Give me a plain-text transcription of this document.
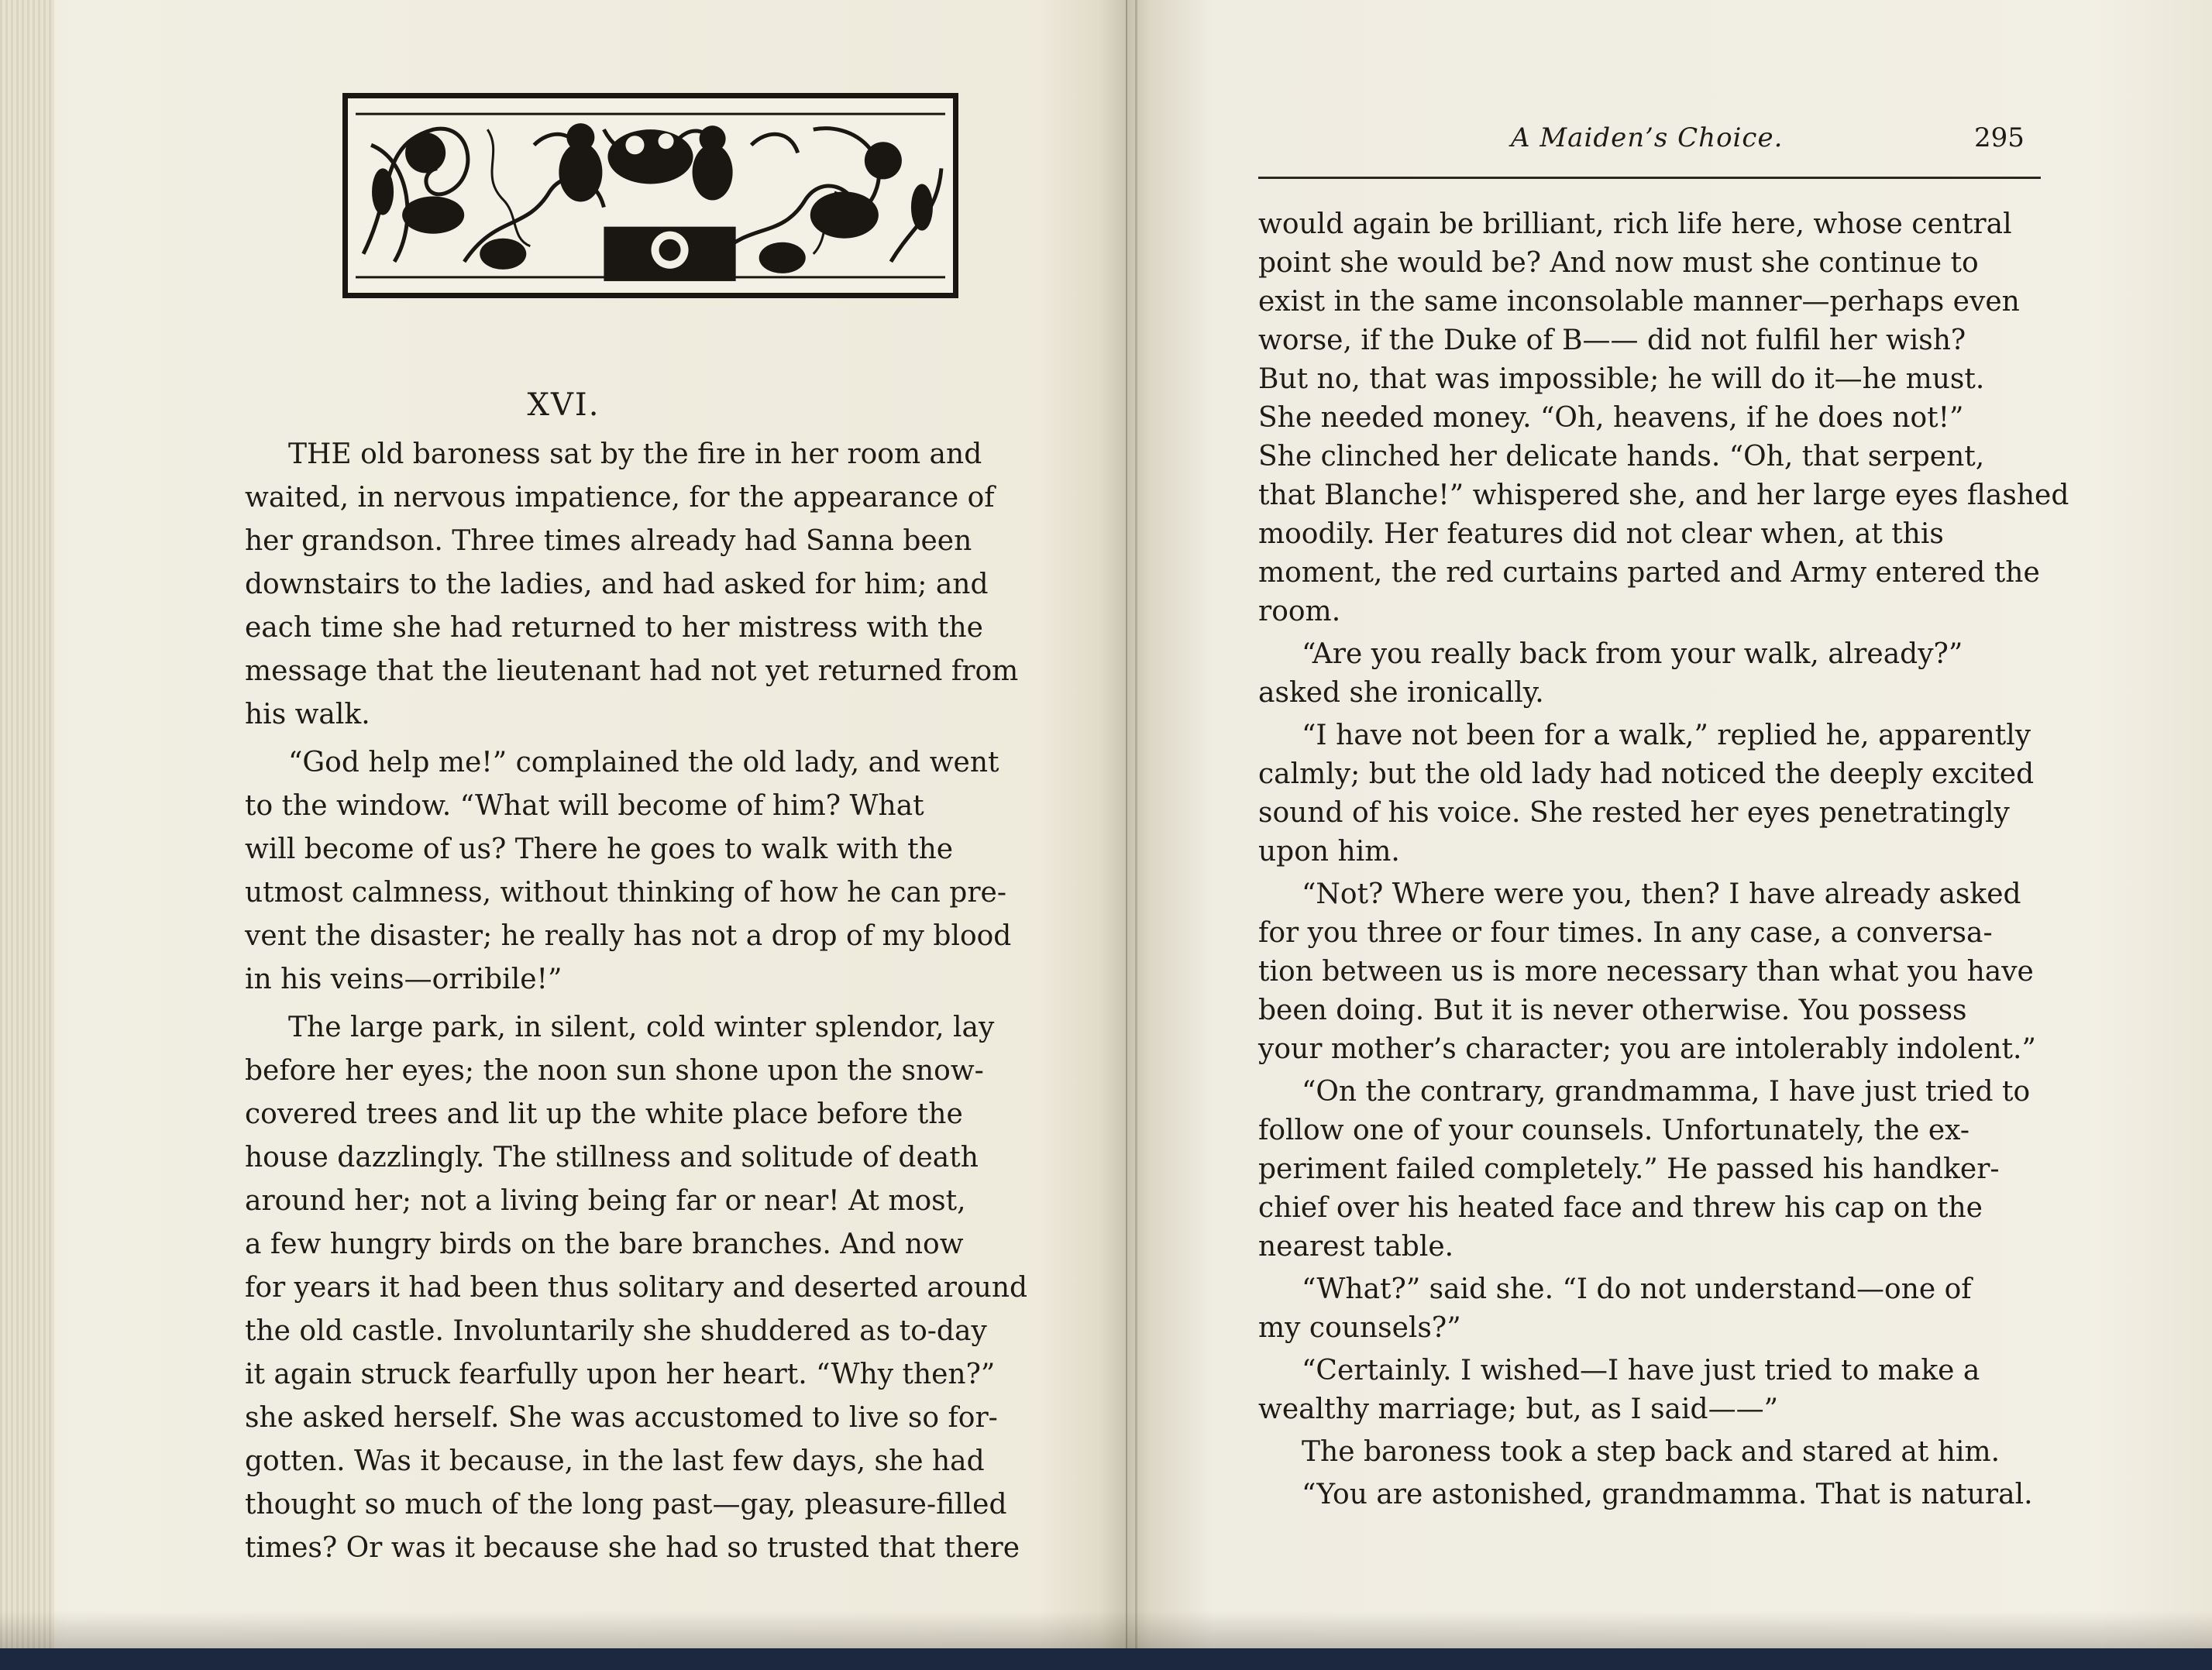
XVI.
THE old baroness sat by the fire in her room and
waited, in nervous impatience, for the appearance of
her grandson. Three times already had Sanna been
downstairs to the ladies, and had asked for him; and
each time she had returned to her mistress with the
message that the lieutenant had not yet returned from
his walk.
“God help me!” complained the old lady, and went
to the window. “What will become of him? What
will become of us? There he goes to walk with the
utmost calmness, without thinking of how he can pre-
vent the disaster; he really has not a drop of my blood
in his veins—orribile!”
The large park, in silent, cold winter splendor, lay
before her eyes; the noon sun shone upon the snow-
covered trees and lit up the white place before the
house dazzlingly. The stillness and solitude of death
around her; not a living being far or near! At most,
a few hungry birds on the bare branches. And now
for years it had been thus solitary and deserted around
the old castle. Involuntarily she shuddered as to-day
it again struck fearfully upon her heart. “Why then?”
she asked herself. She was accustomed to live so for-
gotten. Was it because, in the last few days, she had
thought so much of the long past—gay, pleasure-filled
times? Or was it because she had so trusted that there
A Maiden’s Choice.	295
would again be brilliant, rich life here, whose central
point she would be? And now must she continue to
exist in the same inconsolable manner—perhaps even
worse, if the Duke of B—— did not fulfil her wish?
But no, that was impossible; he will do it—he must.
She needed money. “Oh, heavens, if he does not!”
She clinched her delicate hands. “Oh, that serpent,
that Blanche!” whispered she, and her large eyes flashed
moodily. Her features did not clear when, at this
moment, the red curtains parted and Army entered the
room.
“Are you really back from your walk, already?”
asked she ironically.
“I have not been for a walk,” replied he, apparently
calmly; but the old lady had noticed the deeply excited
sound of his voice. She rested her eyes penetratingly
upon him.
“Not? Where were you, then? I have already asked
for you three or four times. In any case, a conversa-
tion between us is more necessary than what you have
been doing. But it is never otherwise. You possess
your mother’s character; you are intolerably indolent.”
“On the contrary, grandmamma, I have just tried to
follow one of your counsels. Unfortunately, the ex-
periment failed completely.” He passed his handker-
chief over his heated face and threw his cap on the
nearest table.
“What?” said she. “I do not understand—one of
my counsels?”
“Certainly. I wished—I have just tried to make a
wealthy marriage; but, as I said——”
The baroness took a step back and stared at him.
“You are astonished, grandmamma. That is natural.
